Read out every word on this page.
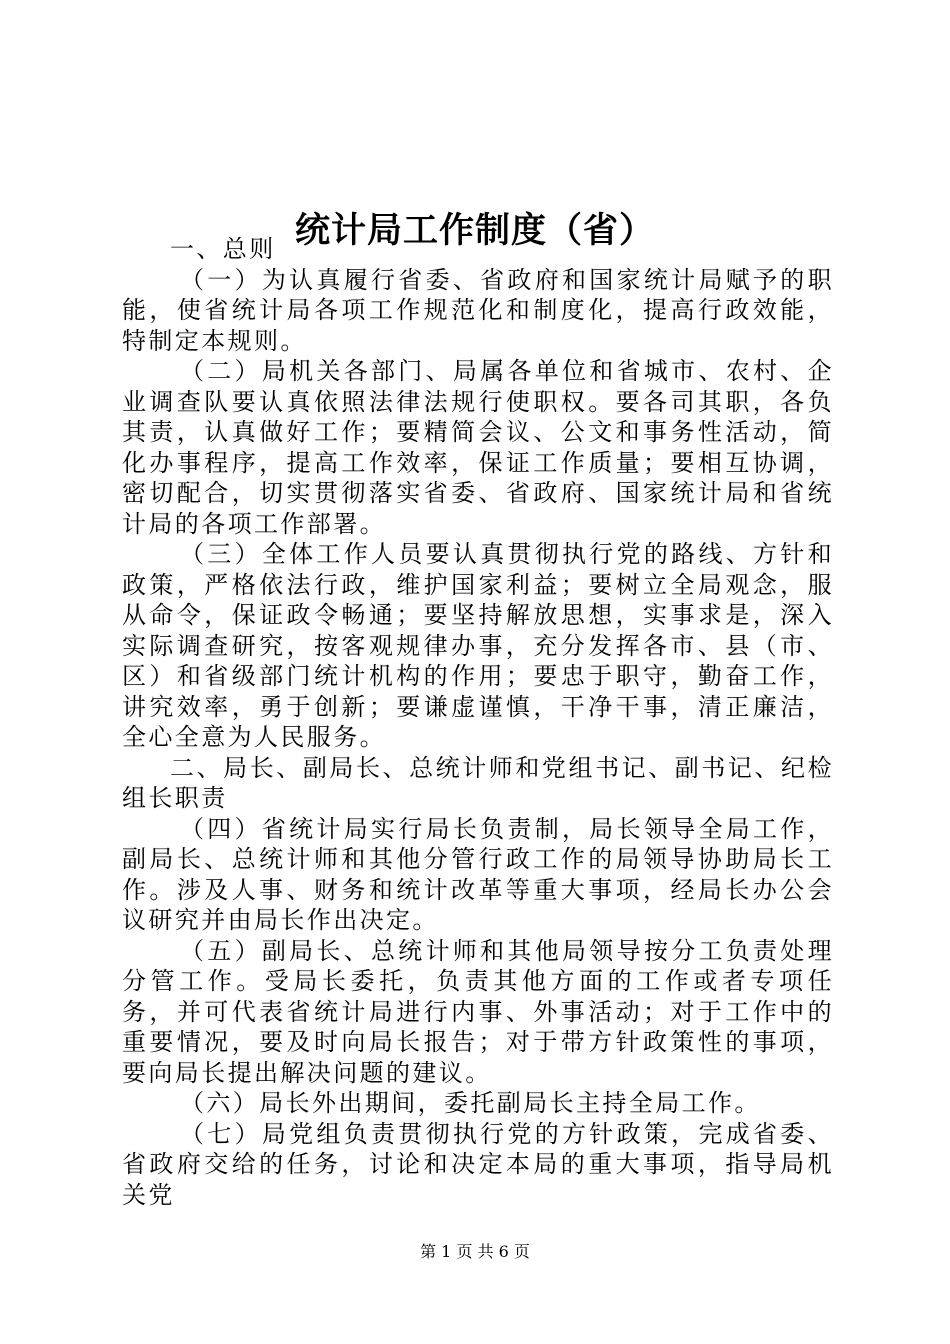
统计局工作制度（省）

一、总则

（一）为认真履行省委、省政府和国家统计局赋予的职能，使省统计局各项工作规范化和制度化，提高行政效能，特制定本规则。

（二）局机关各部门、局属各单位和省城市、农村、企业调查队要认真依照法律法规行使职权。要各司其职，各负其责，认真做好工作；要精简会议、公文和事务性活动，简化办事程序，提高工作效率，保证工作质量；要相互协调，密切配合，切实贯彻落实省委、省政府、国家统计局和省统计局的各项工作部署。

（三）全体工作人员要认真贯彻执行党的路线、方针和政策，严格依法行政，维护国家利益；要树立全局观念，服从命令，保证政令畅通；要坚持解放思想，实事求是，深入实际调查研究，按客观规律办事，充分发挥各市、县（市、区）和省级部门统计机构的作用；要忠于职守，勤奋工作，讲究效率，勇于创新；要谦虚谨慎，干净干事，清正廉洁，全心全意为人民服务。

二、局长、副局长、总统计师和党组书记、副书记、纪检组长职责

（四）省统计局实行局长负责制，局长领导全局工作，副局长、总统计师和其他分管行政工作的局领导协助局长工作。涉及人事、财务和统计改革等重大事项，经局长办公会议研究并由局长作出决定。

（五）副局长、总统计师和其他局领导按分工负责处理分管工作。受局长委托，负责其他方面的工作或者专项任务，并可代表省统计局进行内事、外事活动；对于工作中的重要情况，要及时向局长报告；对于带方针政策性的事项，要向局长提出解决问题的建议。

（六）局长外出期间，委托副局长主持全局工作。

（七）局党组负责贯彻执行党的方针政策，完成省委、省政府交给的任务，讨论和决定本局的重大事项，指导局机关党

第 1 页 共 6 页
